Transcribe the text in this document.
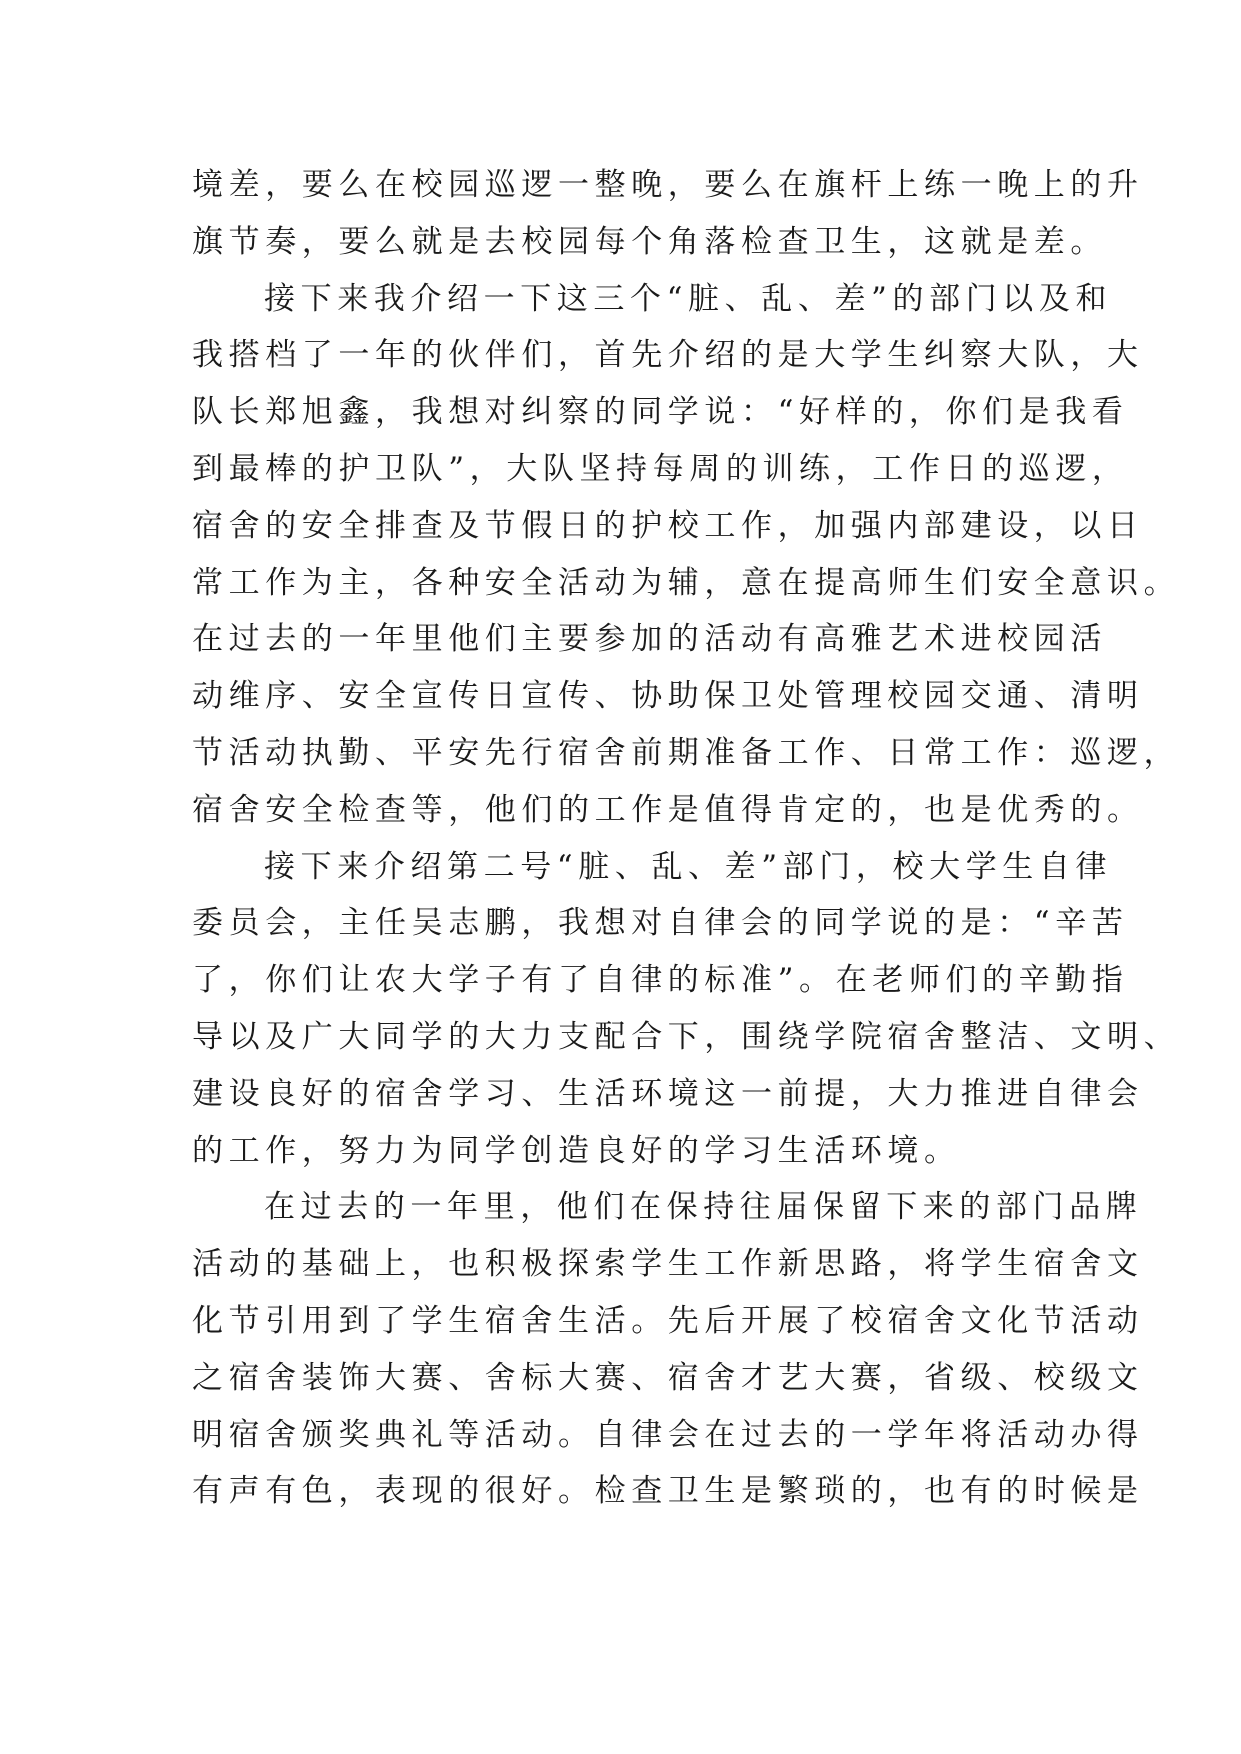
境差，要么在校园巡逻一整晚，要么在旗杆上练一晚上的升
旗节奏，要么就是去校园每个角落检查卫生，这就是差。
接下来我介绍一下这三个“脏、乱、差”的部门以及和
我搭档了一年的伙伴们，首先介绍的是大学生纠察大队，大
队长郑旭鑫，我想对纠察的同学说：“好样的，你们是我看
到最棒的护卫队”，大队坚持每周的训练，工作日的巡逻，
宿舍的安全排查及节假日的护校工作，加强内部建设，以日
常工作为主，各种安全活动为辅，意在提高师生们安全意识。
在过去的一年里他们主要参加的活动有高雅艺术进校园活
动维序、安全宣传日宣传、协助保卫处管理校园交通、清明
节活动执勤、平安先行宿舍前期准备工作、日常工作：巡逻，
宿舍安全检查等，他们的工作是值得肯定的，也是优秀的。
接下来介绍第二号“脏、乱、差”部门，校大学生自律
委员会，主任吴志鹏，我想对自律会的同学说的是：“辛苦
了，你们让农大学子有了自律的标准”。在老师们的辛勤指
导以及广大同学的大力支配合下，围绕学院宿舍整洁、文明、
建设良好的宿舍学习、生活环境这一前提，大力推进自律会
的工作，努力为同学创造良好的学习生活环境。
在过去的一年里，他们在保持往届保留下来的部门品牌
活动的基础上，也积极探索学生工作新思路，将学生宿舍文
化节引用到了学生宿舍生活。先后开展了校宿舍文化节活动
之宿舍装饰大赛、舍标大赛、宿舍才艺大赛，省级、校级文
明宿舍颁奖典礼等活动。自律会在过去的一学年将活动办得
有声有色，表现的很好。检查卫生是繁琐的，也有的时候是
